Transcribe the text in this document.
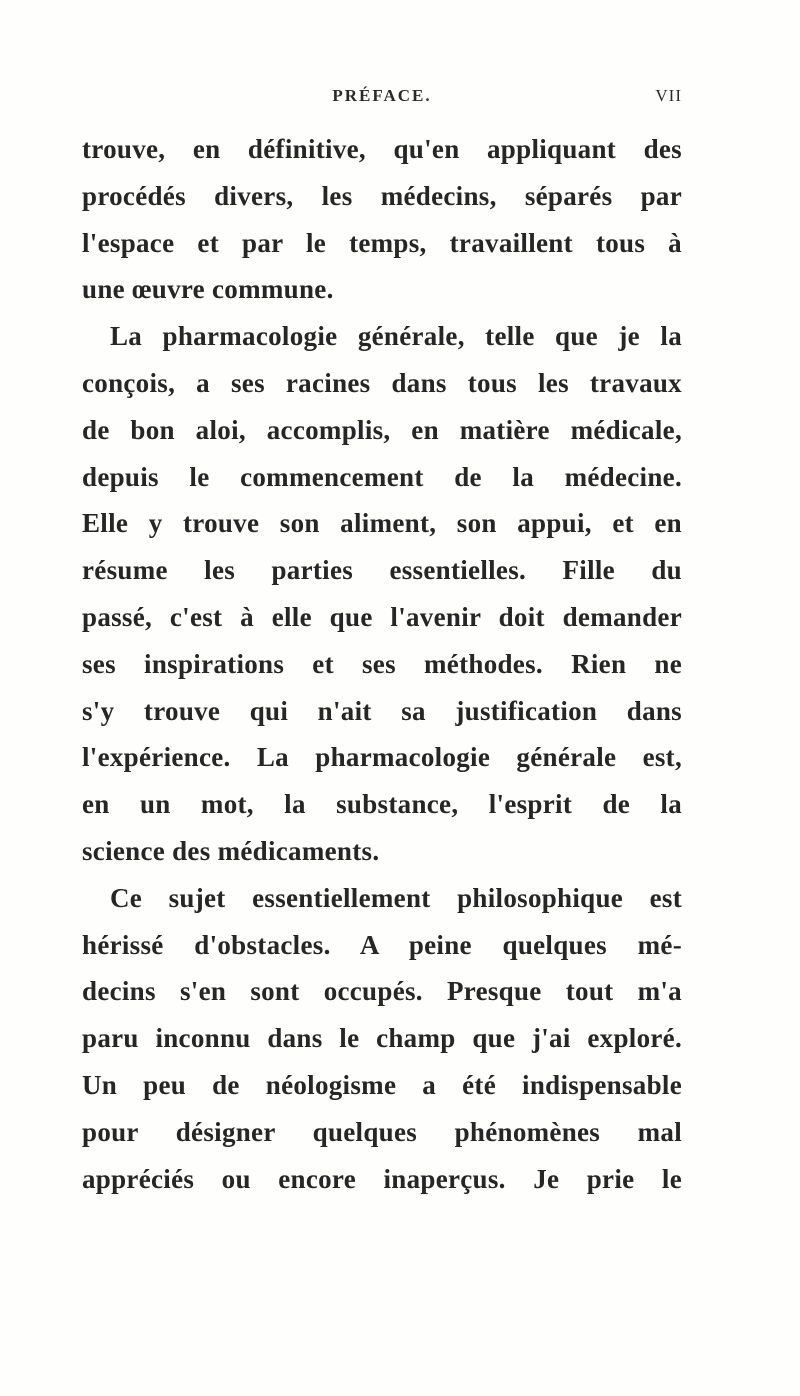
PRÉFACE.	VII
trouve, en définitive, qu'en appliquant des
procédés divers, les médecins, séparés par
l'espace et par le temps, travaillent tous à
une œuvre commune.
La pharmacologie générale, telle que je la
conçois, a ses racines dans tous les travaux
de bon aloi, accomplis, en matière médicale,
depuis le commencement de la médecine.
Elle y trouve son aliment, son appui, et en
résume les parties essentielles. Fille du
passé, c'est à elle que l'avenir doit demander
ses inspirations et ses méthodes. Rien ne
s'y trouve qui n'ait sa justification dans
l'expérience. La pharmacologie générale est,
en un mot, la substance, l'esprit de la
science des médicaments.
Ce sujet essentiellement philosophique est
hérissé d'obstacles. A peine quelques mé-
decins s'en sont occupés. Presque tout m'a
paru inconnu dans le champ que j'ai exploré.
Un peu de néologisme a été indispensable
pour désigner quelques phénomènes mal
appréciés ou encore inaperçus. Je prie le
